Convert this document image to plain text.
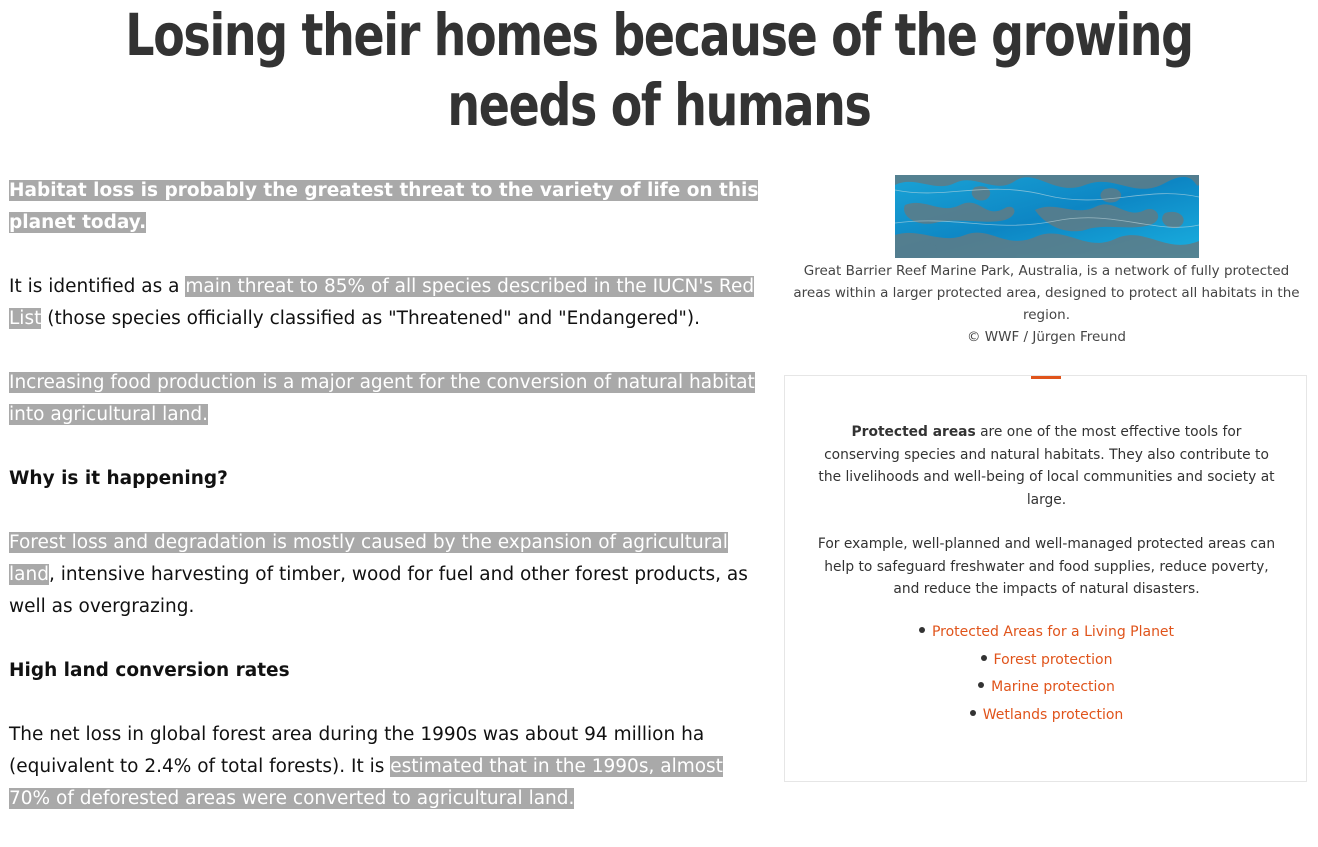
Losing their homes because of the growing needs of humans

Habitat loss is probably the greatest threat to the variety of life on this planet today.

It is identified as a main threat to 85% of all species described in the IUCN's Red List (those species officially classified as "Threatened" and "Endangered").

Increasing food production is a major agent for the conversion of natural habitat into agricultural land.

Why is it happening?

Forest loss and degradation is mostly caused by the expansion of agricultural land, intensive harvesting of timber, wood for fuel and other forest products, as well as overgrazing.

High land conversion rates

The net loss in global forest area during the 1990s was about 94 million ha (equivalent to 2.4% of total forests). It is estimated that in the 1990s, almost 70% of deforested areas were converted to agricultural land.

Great Barrier Reef Marine Park, Australia, is a network of fully protected areas within a larger protected area, designed to protect all habitats in the region.
© WWF / Jürgen Freund

Protected areas are one of the most effective tools for conserving species and natural habitats. They also contribute to the livelihoods and well-being of local communities and society at large.

For example, well-planned and well-managed protected areas can help to safeguard freshwater and food supplies, reduce poverty, and reduce the impacts of natural disasters.

Protected Areas for a Living Planet
Forest protection
Marine protection
Wetlands protection
